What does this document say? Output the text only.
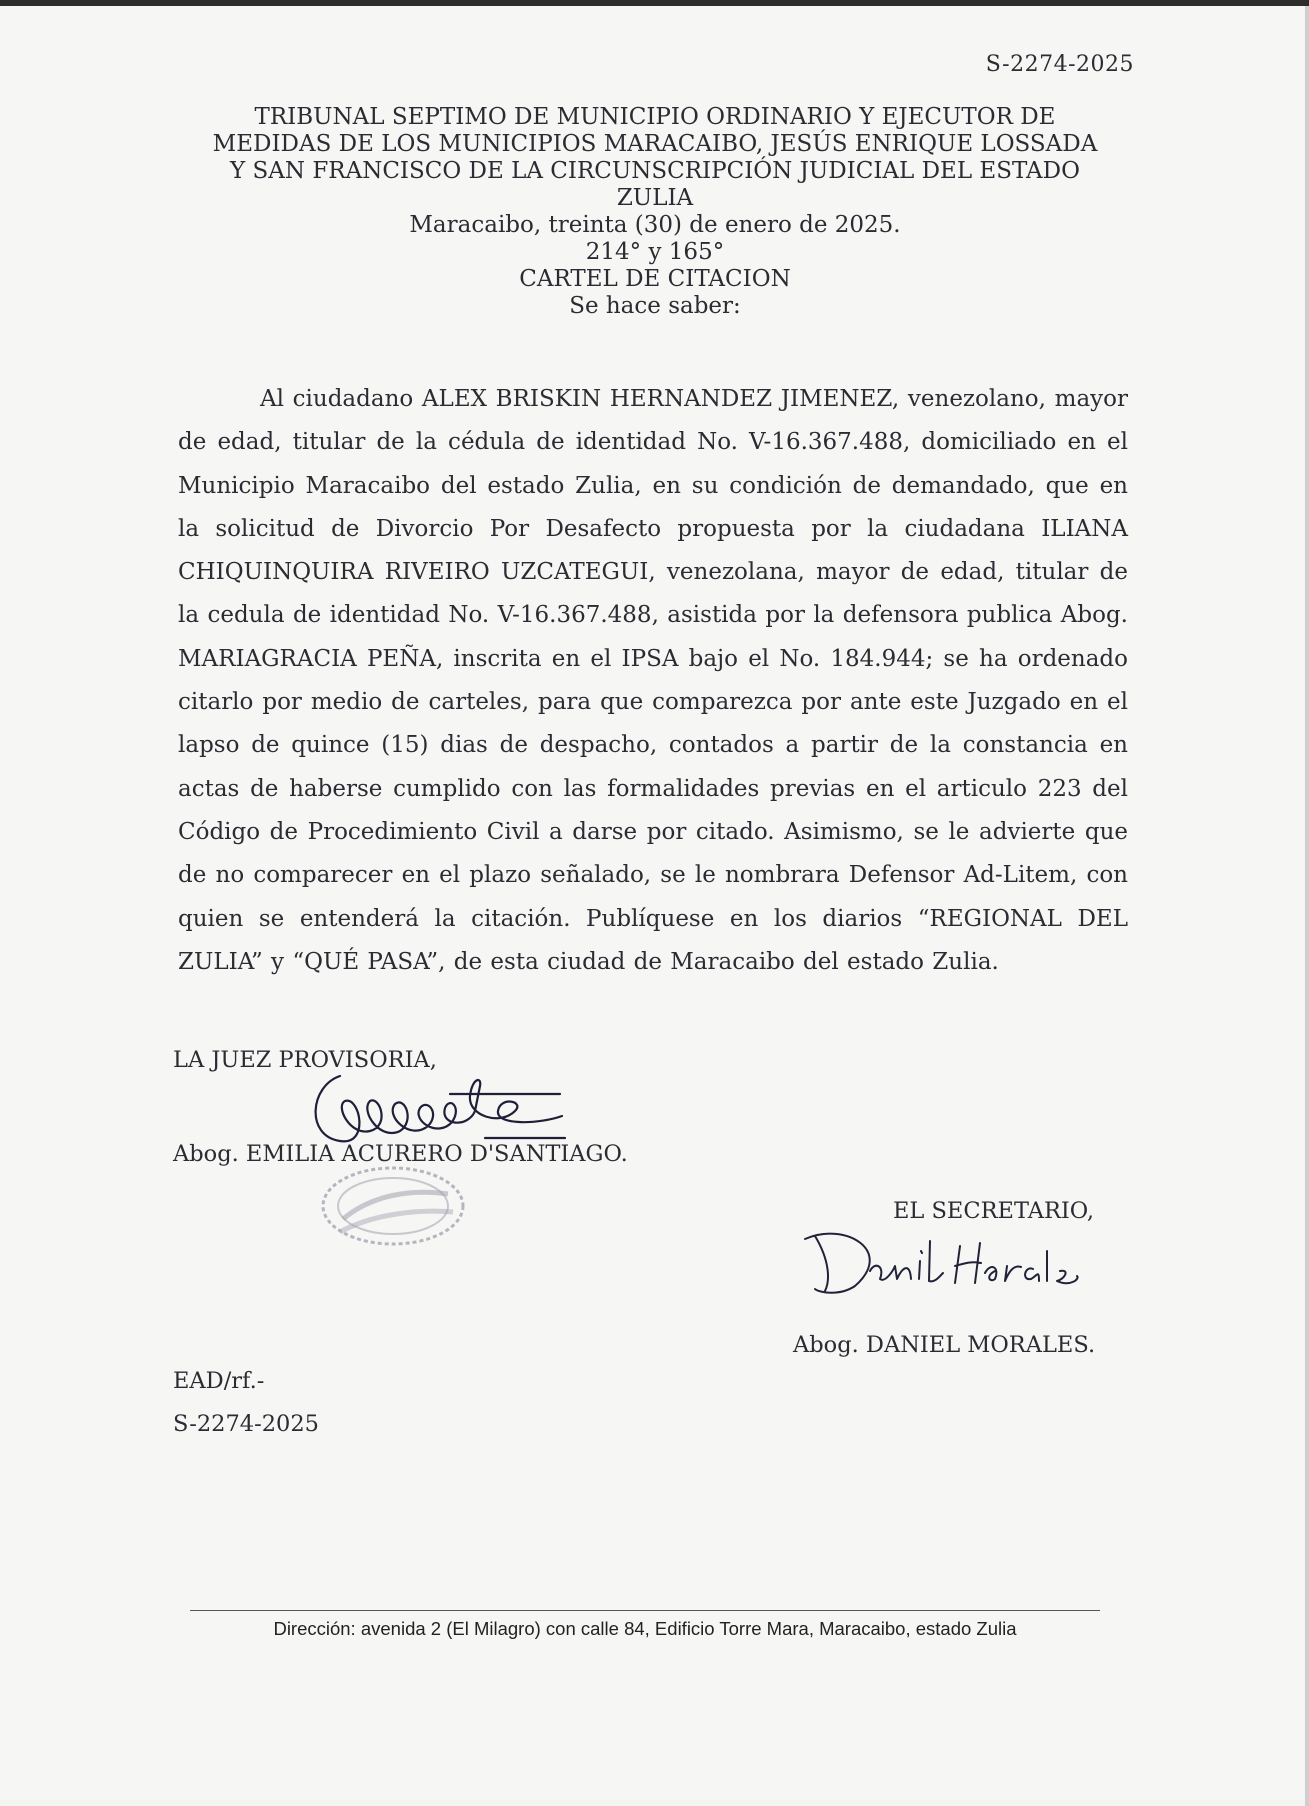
S-2274-2025
TRIBUNAL SEPTIMO DE MUNICIPIO ORDINARIO Y EJECUTOR DE
MEDIDAS DE LOS MUNICIPIOS MARACAIBO, JESÚS ENRIQUE LOSSADA
Y SAN FRANCISCO DE LA CIRCUNSCRIPCIÓN JUDICIAL DEL ESTADO
ZULIA
Maracaibo, treinta (30) de enero de 2025.
214° y 165°
CARTEL DE CITACION
Se hace saber:

Al ciudadano ALEX BRISKIN HERNANDEZ JIMENEZ, venezolano, mayor de edad, titular de la cédula de identidad No. V-16.367.488, domiciliado en el Municipio Maracaibo del estado Zulia, en su condición de demandado, que en la solicitud de Divorcio Por Desafecto propuesta por la ciudadana ILIANA CHIQUINQUIRA RIVEIRO UZCATEGUI, venezolana, mayor de edad, titular de la cedula de identidad No. V-16.367.488, asistida por la defensora publica Abog. MARIAGRACIA PEÑA, inscrita en el IPSA bajo el No. 184.944; se ha ordenado citarlo por medio de carteles, para que comparezca por ante este Juzgado en el lapso de quince (15) dias de despacho, contados a partir de la constancia en actas de haberse cumplido con las formalidades previas en el articulo 223 del Código de Procedimiento Civil a darse por citado. Asimismo, se le advierte que de no comparecer en el plazo señalado, se le nombrara Defensor Ad-Litem, con quien se entenderá la citación. Publíquese en los diarios “REGIONAL DEL ZULIA” y “QUÉ PASA”, de esta ciudad de Maracaibo del estado Zulia.

LA JUEZ PROVISORIA,
Abog. EMILIA ACURERO D'SANTIAGO.
EL SECRETARIO,
Abog. DANIEL MORALES.
EAD/rf.-
S-2274-2025
Dirección: avenida 2 (El Milagro) con calle 84, Edificio Torre Mara, Maracaibo, estado Zulia
